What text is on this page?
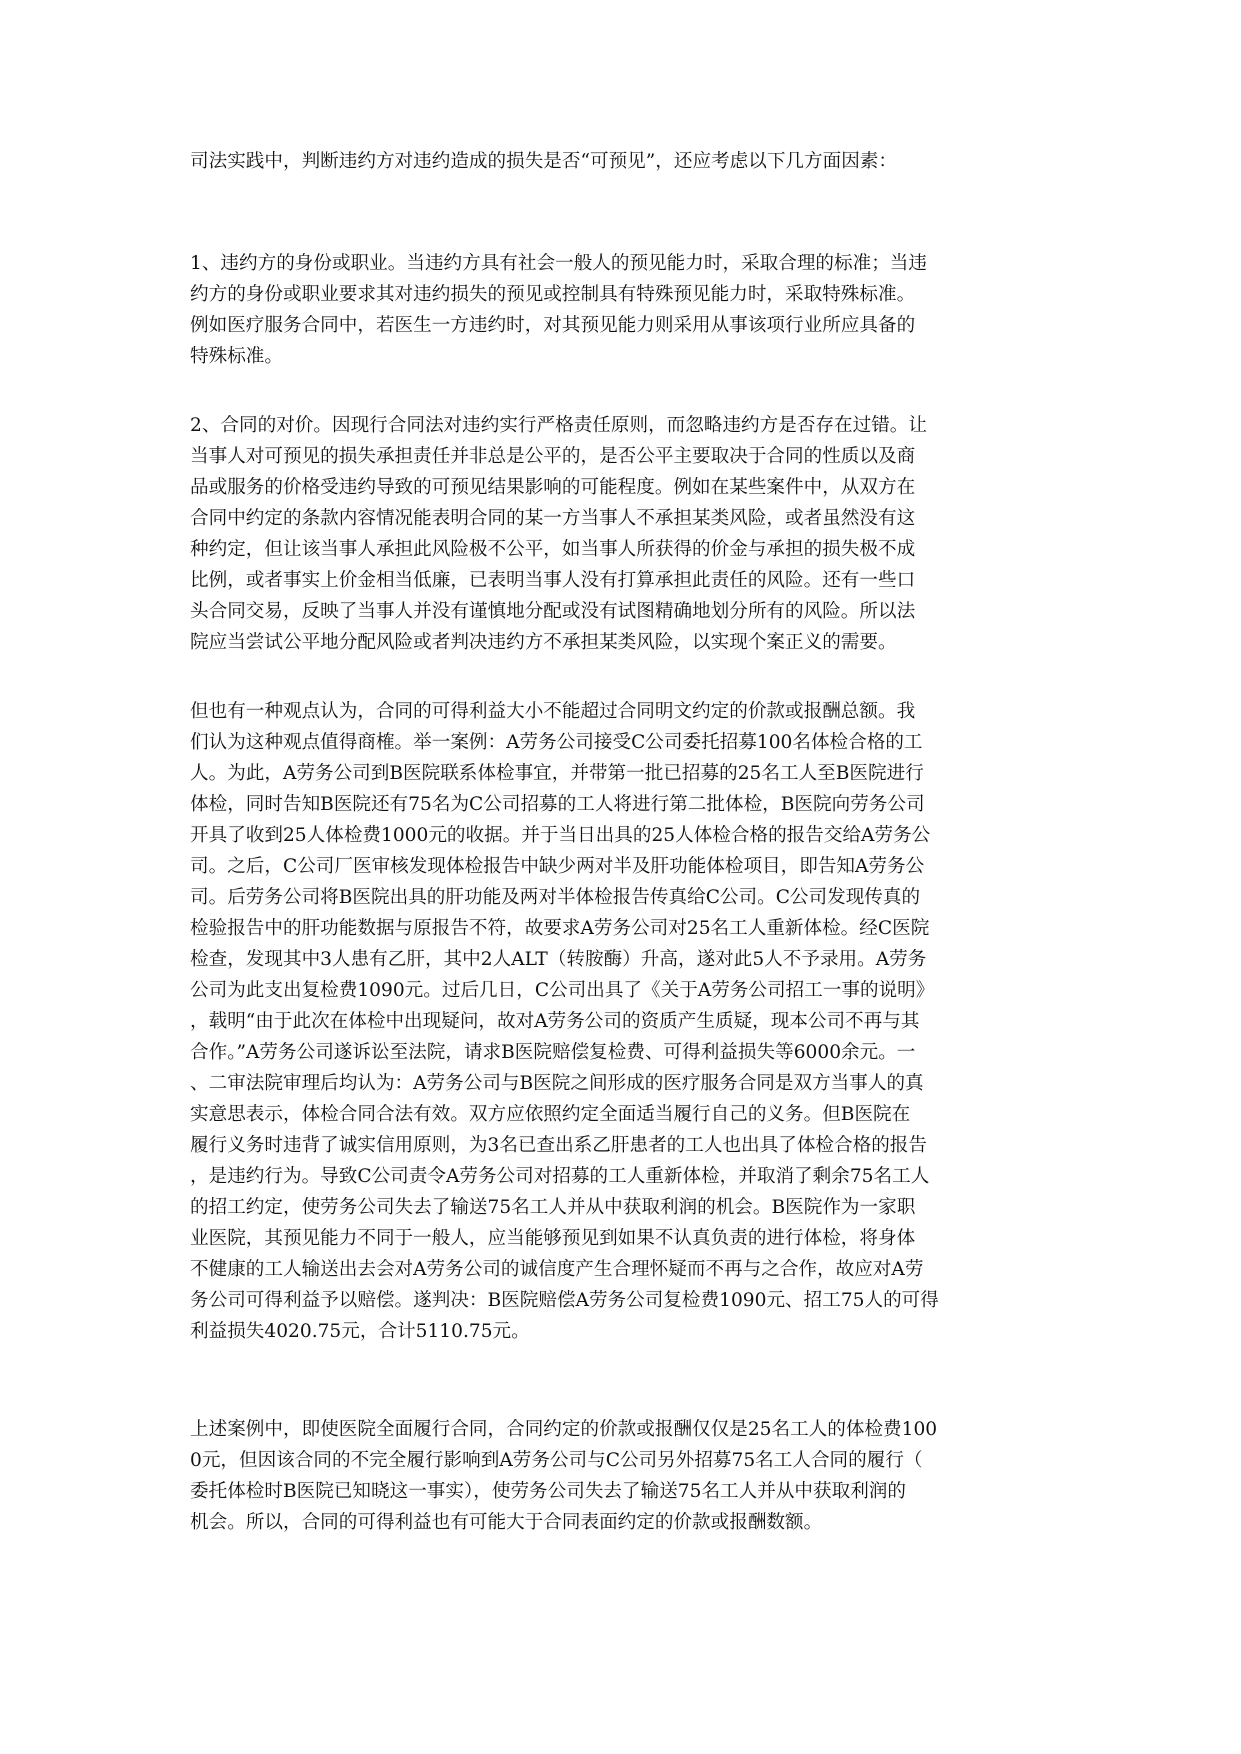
司法实践中，判断违约方对违约造成的损失是否“可预见”，还应考虑以下几方面因素：

1、违约方的身份或职业。当违约方具有社会一般人的预见能力时，采取合理的标准；当违
约方的身份或职业要求其对违约损失的预见或控制具有特殊预见能力时，采取特殊标准。
例如医疗服务合同中，若医生一方违约时，对其预见能力则采用从事该项行业所应具备的
特殊标准。

2、合同的对价。因现行合同法对违约实行严格责任原则，而忽略违约方是否存在过错。让
当事人对可预见的损失承担责任并非总是公平的，是否公平主要取决于合同的性质以及商
品或服务的价格受违约导致的可预见结果影响的可能程度。例如在某些案件中，从双方在
合同中约定的条款内容情况能表明合同的某一方当事人不承担某类风险，或者虽然没有这
种约定，但让该当事人承担此风险极不公平，如当事人所获得的价金与承担的损失极不成
比例，或者事实上价金相当低廉，已表明当事人没有打算承担此责任的风险。还有一些口
头合同交易，反映了当事人并没有谨慎地分配或没有试图精确地划分所有的风险。所以法
院应当尝试公平地分配风险或者判决违约方不承担某类风险，以实现个案正义的需要。

但也有一种观点认为，合同的可得利益大小不能超过合同明文约定的价款或报酬总额。我
们认为这种观点值得商榷。举一案例：A劳务公司接受C公司委托招募100名体检合格的工
人。为此，A劳务公司到B医院联系体检事宜，并带第一批已招募的25名工人至B医院进行
体检，同时告知B医院还有75名为C公司招募的工人将进行第二批体检，B医院向劳务公司
开具了收到25人体检费1000元的收据。并于当日出具的25人体检合格的报告交给A劳务公
司。之后，C公司厂医审核发现体检报告中缺少两对半及肝功能体检项目，即告知A劳务公
司。后劳务公司将B医院出具的肝功能及两对半体检报告传真给C公司。C公司发现传真的
检验报告中的肝功能数据与原报告不符，故要求A劳务公司对25名工人重新体检。经C医院
检查，发现其中3人患有乙肝，其中2人ALT（转胺酶）升高，遂对此5人不予录用。A劳务
公司为此支出复检费1090元。过后几日，C公司出具了《关于A劳务公司招工一事的说明》
，载明“由于此次在体检中出现疑问，故对A劳务公司的资质产生质疑，现本公司不再与其
合作。”A劳务公司遂诉讼至法院，请求B医院赔偿复检费、可得利益损失等6000余元。一
、二审法院审理后均认为：A劳务公司与B医院之间形成的医疗服务合同是双方当事人的真
实意思表示，体检合同合法有效。双方应依照约定全面适当履行自己的义务。但B医院在
履行义务时违背了诚实信用原则，为3名已查出系乙肝患者的工人也出具了体检合格的报告
，是违约行为。导致C公司责令A劳务公司对招募的工人重新体检，并取消了剩余75名工人
的招工约定，使劳务公司失去了输送75名工人并从中获取利润的机会。B医院作为一家职
业医院，其预见能力不同于一般人，应当能够预见到如果不认真负责的进行体检，将身体
不健康的工人输送出去会对A劳务公司的诚信度产生合理怀疑而不再与之合作，故应对A劳
务公司可得利益予以赔偿。遂判决：B医院赔偿A劳务公司复检费1090元、招工75人的可得
利益损失4020.75元，合计5110.75元。

上述案例中，即使医院全面履行合同，合同约定的价款或报酬仅仅是25名工人的体检费100
0元，但因该合同的不完全履行影响到A劳务公司与C公司另外招募75名工人合同的履行（
委托体检时B医院已知晓这一事实），使劳务公司失去了输送75名工人并从中获取利润的
机会。所以，合同的可得利益也有可能大于合同表面约定的价款或报酬数额。
